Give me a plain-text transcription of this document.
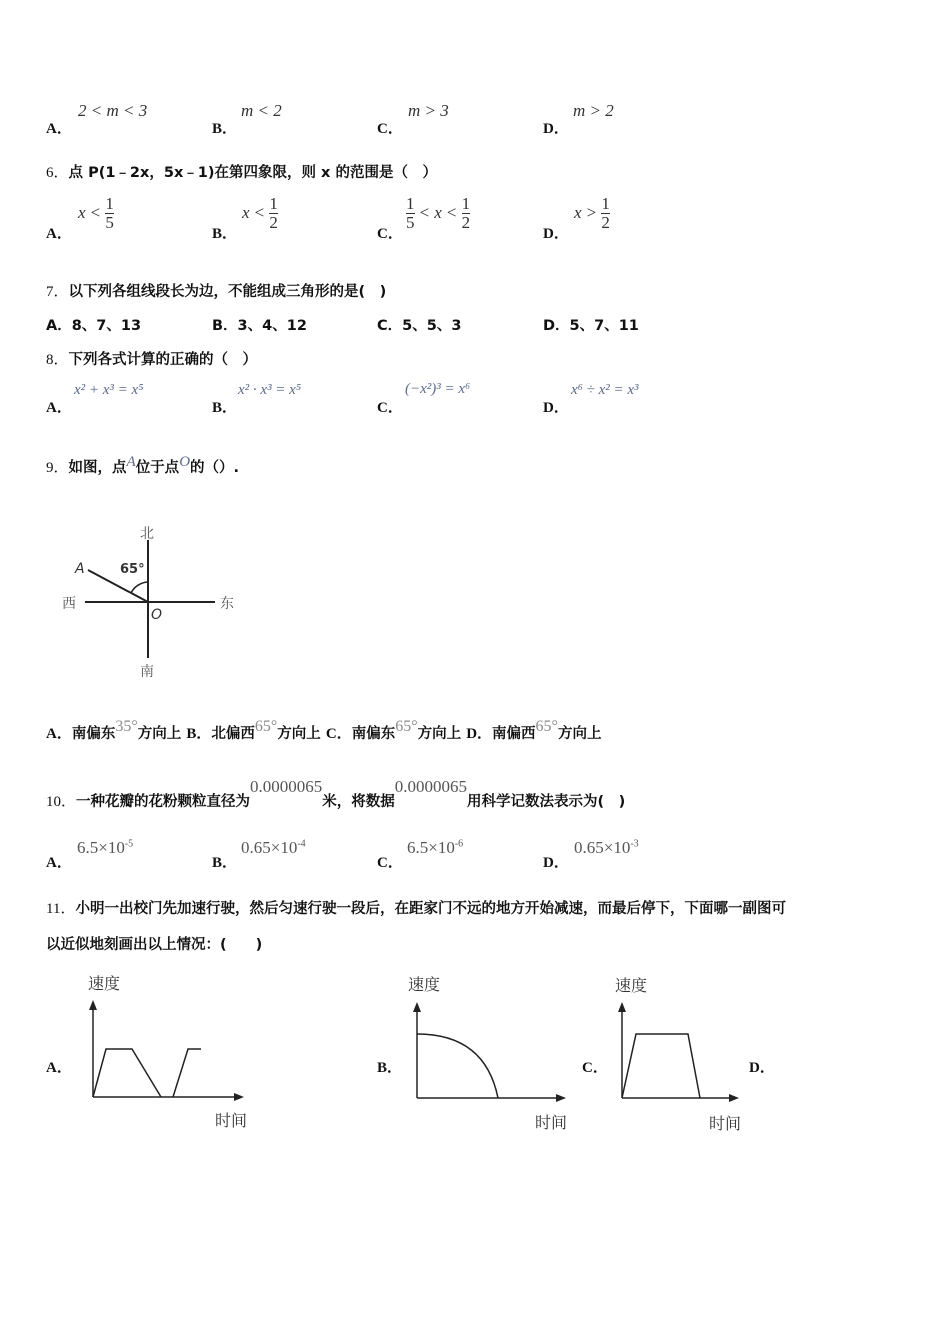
A．
2 < m < 3
B．
m < 2
C．
m > 3
D．
m > 2
6．点 P(1﹣2x，5x﹣1)在第四象限，则 x 的范围是（　）
A．
$x < \frac{1}{5}$
B．
$x < \frac{1}{2}$
C．
$\frac{1}{5} < x < \frac{1}{2}$
D．
$x > \frac{1}{2}$
7．以下列各组线段长为边，不能组成三角形的是(　)
A．8、7、13	B．3、4、12	C．5、5、3	D．5、7、11
8．下列各式计算的正确的（　）
A．
x² + x³ = x⁵
B．
x² · x³ = x⁵
C．
(−x²)³ = x⁶
D．
x⁶ ÷ x² = x³
9．如图，点A位于点O的（）.
北
南
东
西
65°
A
O
A．南偏东35°方向上 B．北偏西65°方向上 C．南偏东65°方向上 D．南偏西65°方向上
10．一种花瓣的花粉颗粒直径为0.0000065米，将数据0.0000065用科学记数法表示为(　)
A．
$6.5\times 10^{-5}$
B．
$0.65\times 10^{-4}$
C．
$6.5\times 10^{-6}$
D．
$0.65\times 10^{-3}$
11．小明一出校门先加速行驶，然后匀速行驶一段后，在距家门不远的地方开始减速，而最后停下，下面哪一副图可
以近似地刻画出以上情况：(　　)
A．
速度
时间
B．
速度
时间
C．
速度
时间
D．
